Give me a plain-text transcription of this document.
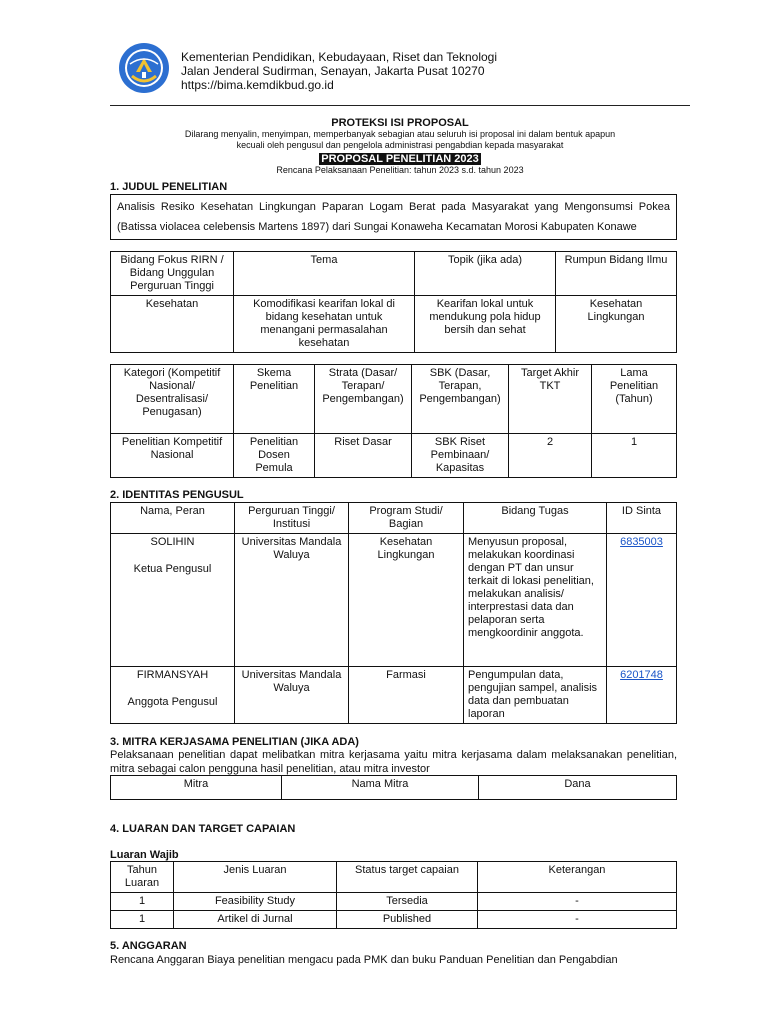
Kementerian Pendidikan, Kebudayaan, Riset dan Teknologi
Jalan Jenderal Sudirman, Senayan, Jakarta Pusat 10270
https://bima.kemdikbud.go.id
PROTEKSI ISI PROPOSAL
Dilarang menyalin, menyimpan, memperbanyak sebagian atau seluruh isi proposal ini dalam bentuk apapun
kecuali oleh pengusul dan pengelola administrasi pengabdian kepada masyarakat
PROPOSAL PENELITIAN 2023
Rencana Pelaksanaan Penelitian: tahun 2023 s.d. tahun 2023
1. JUDUL PENELITIAN
Analisis Resiko Kesehatan Lingkungan Paparan Logam Berat pada Masyarakat yang Mengonsumsi Pokea (Batissa violacea celebensis Martens 1897) dari Sungai Konaweha Kecamatan Morosi Kabupaten Konawe
Bidang Fokus RIRN / Bidang Unggulan Perguruan Tinggi	Tema	Topik (jika ada)	Rumpun Bidang Ilmu
Kesehatan	Komodifikasi kearifan lokal di bidang kesehatan untuk menangani permasalahan kesehatan	Kearifan lokal untuk mendukung pola hidup bersih dan sehat	Kesehatan Lingkungan
Kategori (Kompetitif Nasional/ Desentralisasi/ Penugasan)	Skema Penelitian	Strata (Dasar/ Terapan/ Pengembangan)	SBK (Dasar, Terapan, Pengembangan)	Target Akhir TKT	Lama Penelitian (Tahun)
Penelitian Kompetitif Nasional	Penelitian Dosen Pemula	Riset Dasar	SBK Riset Pembinaan/ Kapasitas	2	1
2. IDENTITAS PENGUSUL
Nama, Peran	Perguruan Tinggi/ Institusi	Program Studi/ Bagian	Bidang Tugas	ID Sinta

SOLIHIN
Ketua Pengusul	Universitas Mandala Waluya	Kesehatan Lingkungan	Menyusun proposal, melakukan koordinasi dengan PT dan unsur terkait di lokasi penelitian, melakukan analisis/ interprestasi data dan pelaporan serta mengkoordinir anggota.	6835003

FIRMANSYAH
Anggota Pengusul	Universitas Mandala Waluya	Farmasi	Pengumpulan data, pengujian sampel, analisis data dan pembuatan laporan	6201748
3. MITRA KERJASAMA PENELITIAN (JIKA ADA)
Pelaksanaan penelitian dapat melibatkan mitra kerjasama yaitu mitra kerjasama dalam melaksanakan penelitian, mitra sebagai calon pengguna hasil penelitian, atau mitra investor
Mitra	Nama Mitra	Dana
4. LUARAN DAN TARGET CAPAIAN
Luaran Wajib
Tahun Luaran	Jenis Luaran	Status target capaian	Keterangan
1	Feasibility Study	Tersedia	-
1	Artikel di Jurnal	Published	-
5. ANGGARAN
Rencana Anggaran Biaya penelitian mengacu pada PMK dan buku Panduan Penelitian dan Pengabdian
